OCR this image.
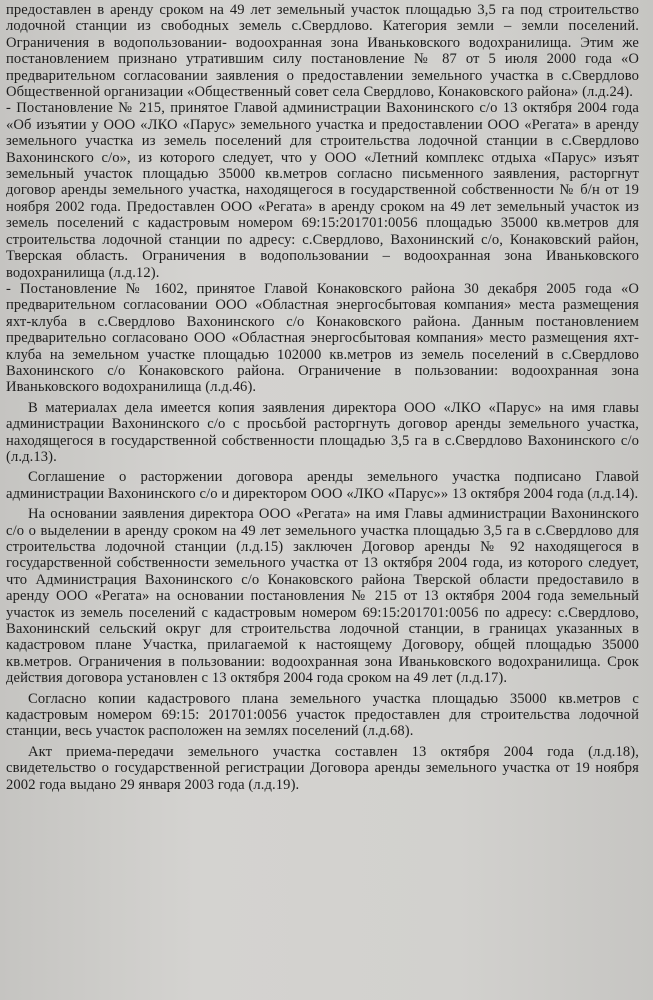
предоставлен в аренду сроком на 49 лет земельный участок площадью 3,5 га под строительство лодочной станции из свободных земель с.Свердлово. Категория земли – земли поселений. Ограничения в водопользовании- водоохранная зона Иваньковского водохранилища. Этим же постановлением признано утратившим силу постановление № 87 от 5 июля 2000 года «О предварительном согласовании заявления о предоставлении земельного участка в с.Свердлово Общественной организации «Общественный совет села Свердлово, Конаковского района» (л.д.24).

- Постановление № 215, принятое Главой администрации Вахонинского с/о 13 октября 2004 года «Об изъятии у ООО «ЛКО «Парус» земельного участка и предоставлении ООО «Регата» в аренду земельного участка из земель поселений для строительства лодочной станции в с.Свердлово Вахонинского с/о», из которого следует, что у ООО «Летний комплекс отдыха «Парус» изъят земельный участок площадью 35000 кв.метров согласно письменного заявления, расторгнут договор аренды земельного участка, находящегося в государственной собственности № б/н от 19 ноября 2002 года. Предоставлен ООО «Регата» в аренду сроком на 49 лет земельный участок из земель поселений с кадастровым номером 69:15:201701:0056 площадью 35000 кв.метров для строительства лодочной станции по адресу: с.Свердлово, Вахонинский с/о, Конаковский район, Тверская область. Ограничения в водопользовании – водоохранная зона Иваньковского водохранилища (л.д.12).

- Постановление № 1602, принятое Главой Конаковского района 30 декабря 2005 года «О предварительном согласовании ООО «Областная энергосбытовая компания» места размещения яхт-клуба в с.Свердлово Вахонинского с/о Конаковского района. Данным постановлением предварительно согласовано ООО «Областная энергосбытовая компания» место размещения яхт-клуба на земельном участке площадью 102000 кв.метров из земель поселений в с.Свердлово Вахонинского с/о Конаковского района. Ограничение в пользовании: водоохранная зона Иваньковского водохранилища (л.д.46).

В материалах дела имеется копия заявления директора ООО «ЛКО «Парус» на имя главы администрации Вахонинского с/о с просьбой расторгнуть договор аренды земельного участка, находящегося в государственной собственности площадью 3,5 га в с.Свердлово Вахонинского с/о (л.д.13).

Соглашение о расторжении договора аренды земельного участка подписано Главой администрации Вахонинского с/о и директором ООО «ЛКО «Парус»» 13 октября 2004 года (л.д.14).

На основании заявления директора ООО «Регата» на имя Главы администрации Вахонинского с/о о выделении в аренду сроком на 49 лет земельного участка площадью 3,5 га в с.Свердлово для строительства лодочной станции (л.д.15) заключен Договор аренды № 92 находящегося в государственной собственности земельного участка от 13 октября 2004 года, из которого следует, что Администрация Вахонинского с/о Конаковского района Тверской области предоставило в аренду ООО «Регата» на основании постановления № 215 от 13 октября 2004 года земельный участок из земель поселений с кадастровым номером 69:15:201701:0056 по адресу: с.Свердлово, Вахонинский сельский округ для строительства лодочной станции, в границах указанных в кадастровом плане Участка, прилагаемой к настоящему Договору, общей площадью 35000 кв.метров. Ограничения в пользовании: водоохранная зона Иваньковского водохранилища. Срок действия договора установлен с 13 октября 2004 года сроком на 49 лет (л.д.17).

Согласно копии кадастрового плана земельного участка площадью 35000 кв.метров с кадастровым номером 69:15: 201701:0056 участок предоставлен для строительства лодочной станции, весь участок расположен на землях поселений (л.д.68).

Акт приема-передачи земельного участка составлен 13 октября 2004 года (л.д.18), свидетельство о государственной регистрации Договора аренды земельного участка от 19 ноября 2002 года выдано 29 января 2003 года (л.д.19).
